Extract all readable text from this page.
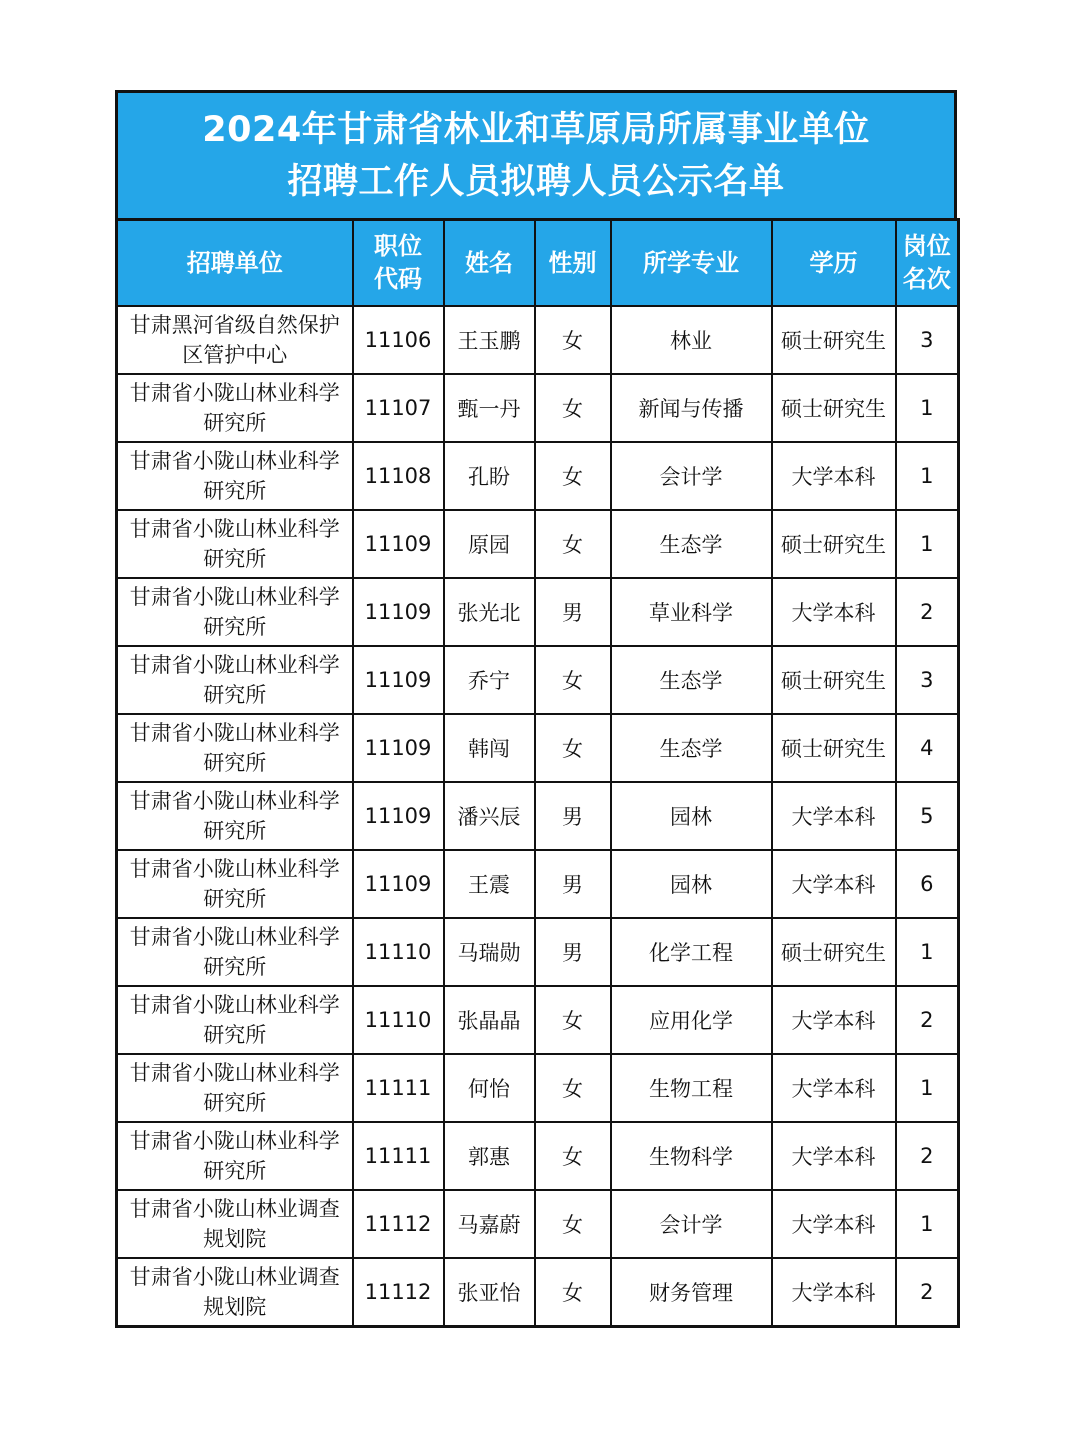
2024年甘肃省林业和草原局所属事业单位
招聘工作人员拟聘人员公示名单
招聘单位	职位
代码	姓名	性别	所学专业	学历	岗位
名次

甘肃黑河省级自然保护
区管护中心	11106	王玉鹏	女	林业	硕士研究生	3

甘肃省小陇山林业科学
研究所	11107	甄一丹	女	新闻与传播	硕士研究生	1

甘肃省小陇山林业科学
研究所	11108	孔盼	女	会计学	大学本科	1

甘肃省小陇山林业科学
研究所	11109	原园	女	生态学	硕士研究生	1

甘肃省小陇山林业科学
研究所	11109	张光北	男	草业科学	大学本科	2

甘肃省小陇山林业科学
研究所	11109	乔宁	女	生态学	硕士研究生	3

甘肃省小陇山林业科学
研究所	11109	韩闯	女	生态学	硕士研究生	4

甘肃省小陇山林业科学
研究所	11109	潘兴辰	男	园林	大学本科	5

甘肃省小陇山林业科学
研究所	11109	王震	男	园林	大学本科	6

甘肃省小陇山林业科学
研究所	11110	马瑞勋	男	化学工程	硕士研究生	1

甘肃省小陇山林业科学
研究所	11110	张晶晶	女	应用化学	大学本科	2

甘肃省小陇山林业科学
研究所	11111	何怡	女	生物工程	大学本科	1

甘肃省小陇山林业科学
研究所	11111	郭惠	女	生物科学	大学本科	2

甘肃省小陇山林业调查
规划院	11112	马嘉蔚	女	会计学	大学本科	1

甘肃省小陇山林业调查
规划院	11112	张亚怡	女	财务管理	大学本科	2
